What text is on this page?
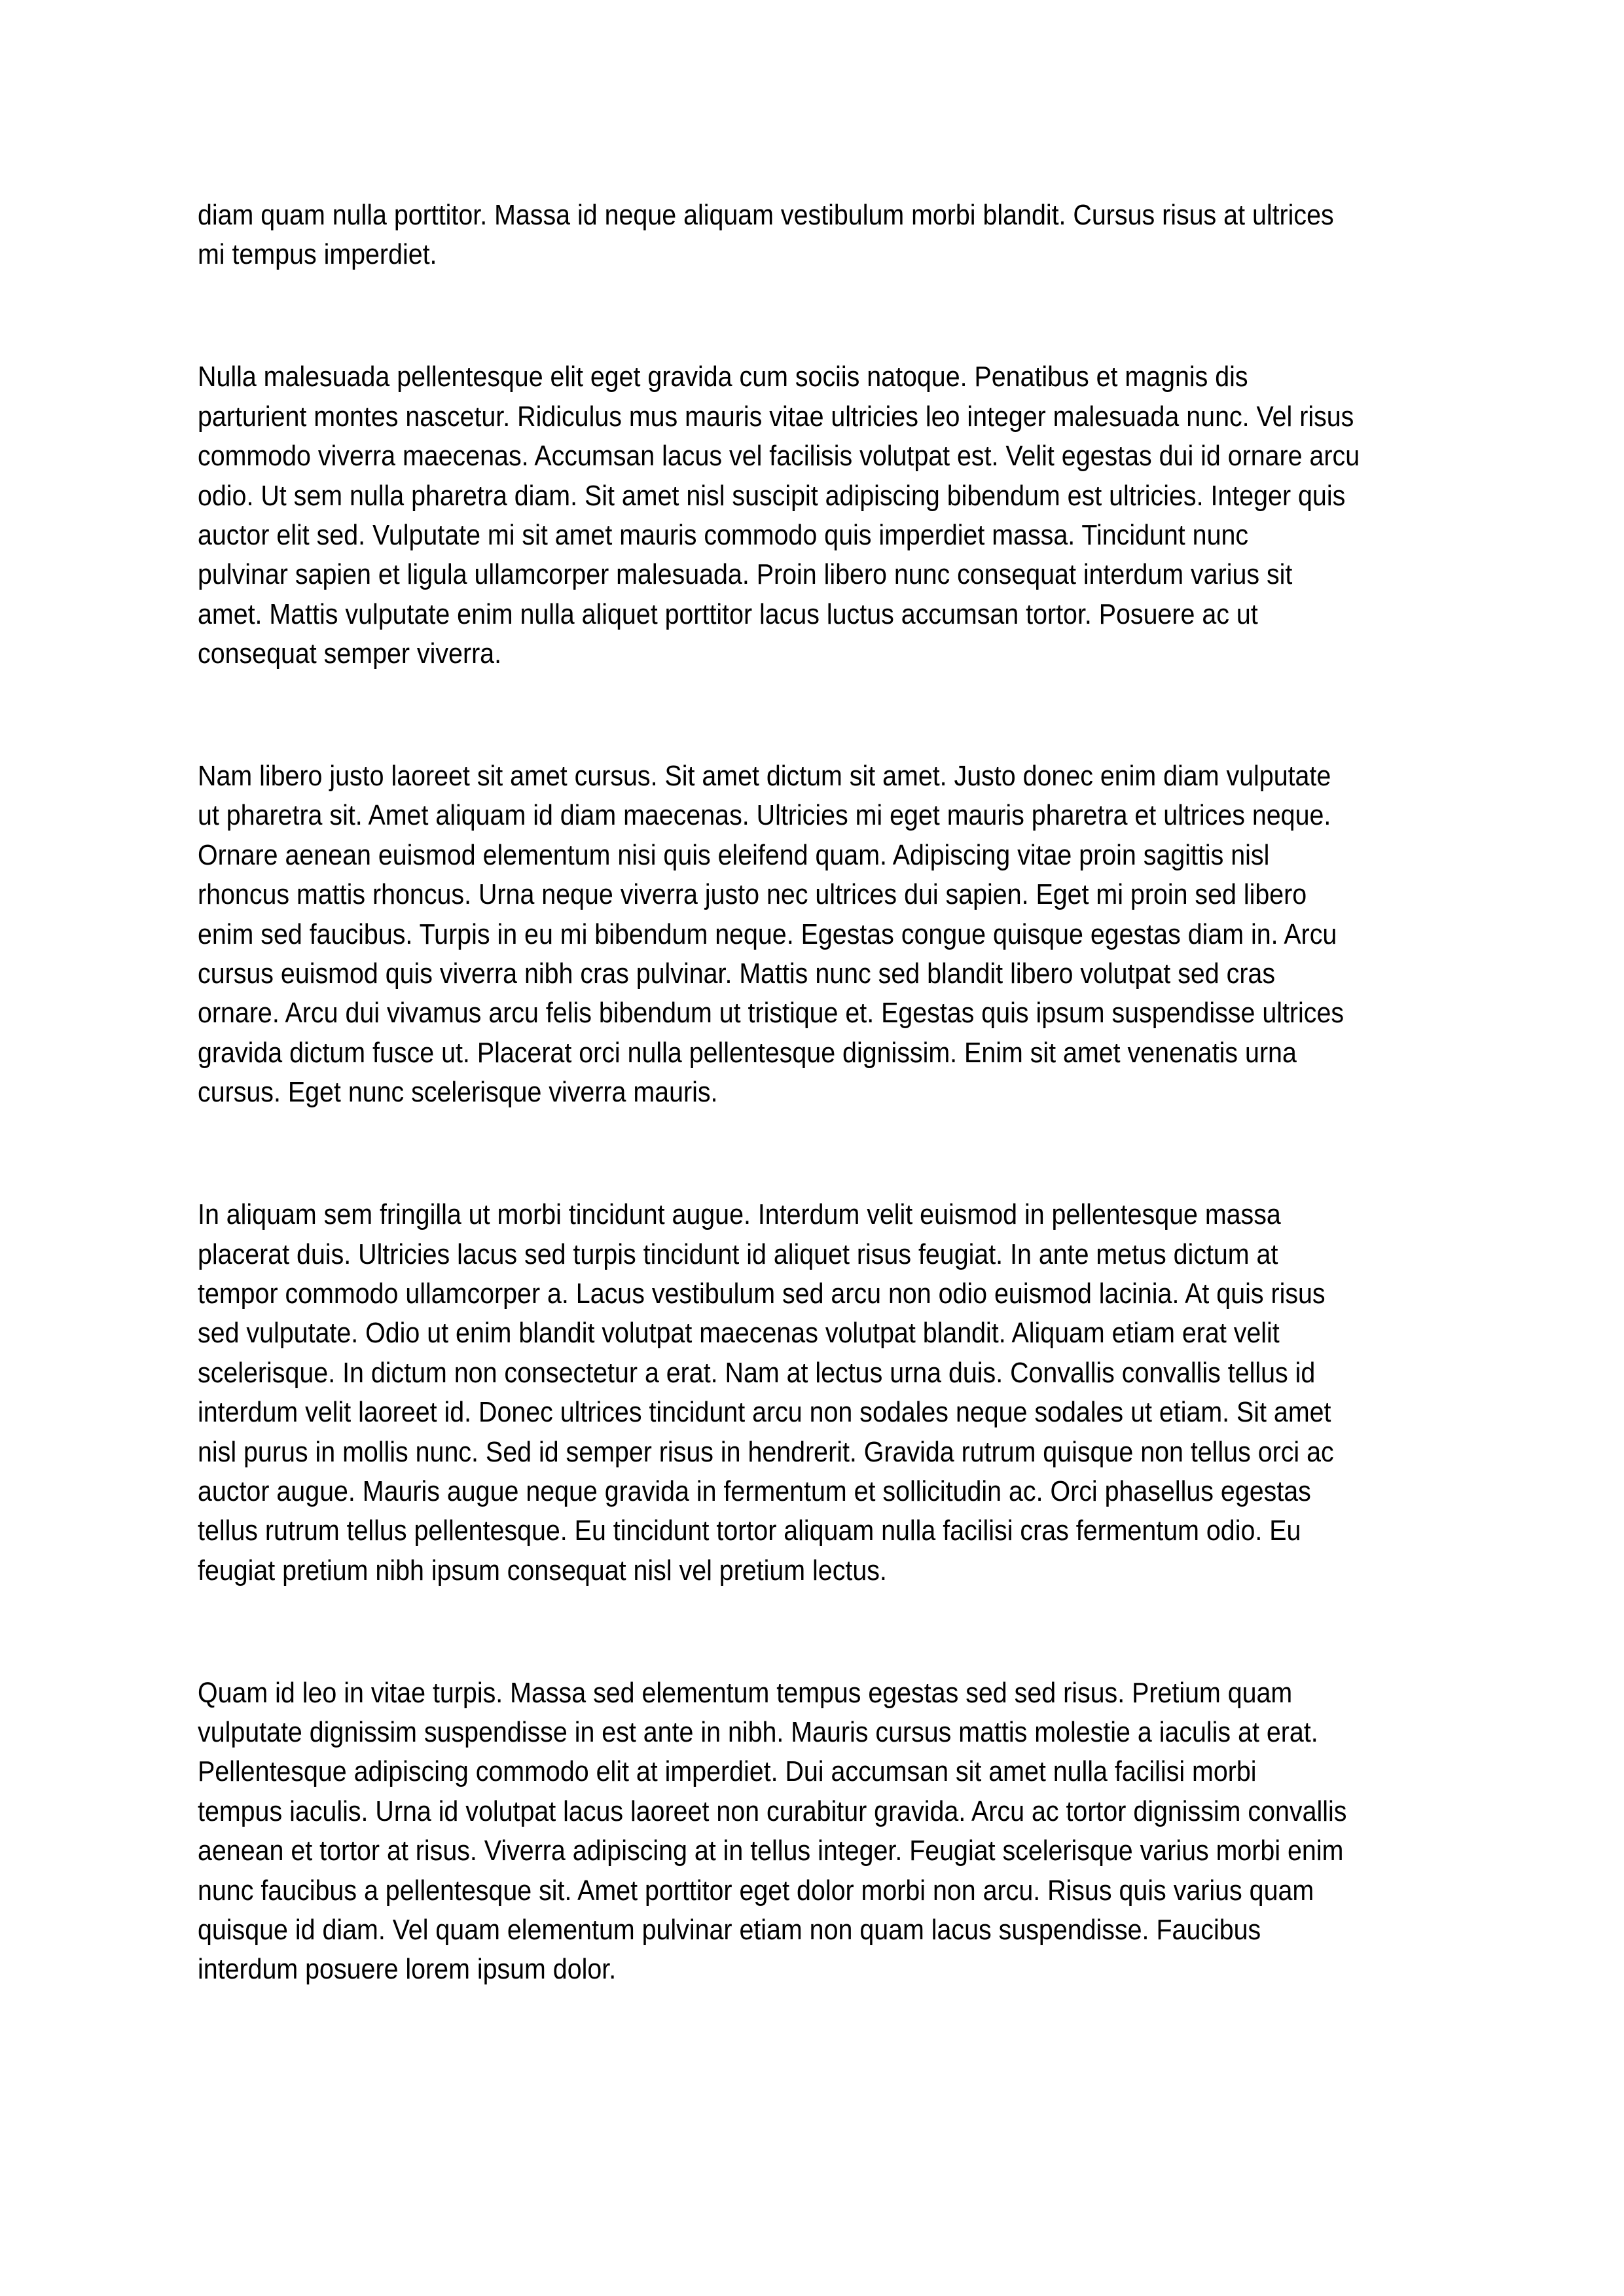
diam quam nulla porttitor. Massa id neque aliquam vestibulum morbi blandit. Cursus risus at ultrices
mi tempus imperdiet.

Nulla malesuada pellentesque elit eget gravida cum sociis natoque. Penatibus et magnis dis
parturient montes nascetur. Ridiculus mus mauris vitae ultricies leo integer malesuada nunc. Vel risus
commodo viverra maecenas. Accumsan lacus vel facilisis volutpat est. Velit egestas dui id ornare arcu
odio. Ut sem nulla pharetra diam. Sit amet nisl suscipit adipiscing bibendum est ultricies. Integer quis
auctor elit sed. Vulputate mi sit amet mauris commodo quis imperdiet massa. Tincidunt nunc
pulvinar sapien et ligula ullamcorper malesuada. Proin libero nunc consequat interdum varius sit
amet. Mattis vulputate enim nulla aliquet porttitor lacus luctus accumsan tortor. Posuere ac ut
consequat semper viverra.

Nam libero justo laoreet sit amet cursus. Sit amet dictum sit amet. Justo donec enim diam vulputate
ut pharetra sit. Amet aliquam id diam maecenas. Ultricies mi eget mauris pharetra et ultrices neque.
Ornare aenean euismod elementum nisi quis eleifend quam. Adipiscing vitae proin sagittis nisl
rhoncus mattis rhoncus. Urna neque viverra justo nec ultrices dui sapien. Eget mi proin sed libero
enim sed faucibus. Turpis in eu mi bibendum neque. Egestas congue quisque egestas diam in. Arcu
cursus euismod quis viverra nibh cras pulvinar. Mattis nunc sed blandit libero volutpat sed cras
ornare. Arcu dui vivamus arcu felis bibendum ut tristique et. Egestas quis ipsum suspendisse ultrices
gravida dictum fusce ut. Placerat orci nulla pellentesque dignissim. Enim sit amet venenatis urna
cursus. Eget nunc scelerisque viverra mauris.

In aliquam sem fringilla ut morbi tincidunt augue. Interdum velit euismod in pellentesque massa
placerat duis. Ultricies lacus sed turpis tincidunt id aliquet risus feugiat. In ante metus dictum at
tempor commodo ullamcorper a. Lacus vestibulum sed arcu non odio euismod lacinia. At quis risus
sed vulputate. Odio ut enim blandit volutpat maecenas volutpat blandit. Aliquam etiam erat velit
scelerisque. In dictum non consectetur a erat. Nam at lectus urna duis. Convallis convallis tellus id
interdum velit laoreet id. Donec ultrices tincidunt arcu non sodales neque sodales ut etiam. Sit amet
nisl purus in mollis nunc. Sed id semper risus in hendrerit. Gravida rutrum quisque non tellus orci ac
auctor augue. Mauris augue neque gravida in fermentum et sollicitudin ac. Orci phasellus egestas
tellus rutrum tellus pellentesque. Eu tincidunt tortor aliquam nulla facilisi cras fermentum odio. Eu
feugiat pretium nibh ipsum consequat nisl vel pretium lectus.

Quam id leo in vitae turpis. Massa sed elementum tempus egestas sed sed risus. Pretium quam
vulputate dignissim suspendisse in est ante in nibh. Mauris cursus mattis molestie a iaculis at erat.
Pellentesque adipiscing commodo elit at imperdiet. Dui accumsan sit amet nulla facilisi morbi
tempus iaculis. Urna id volutpat lacus laoreet non curabitur gravida. Arcu ac tortor dignissim convallis
aenean et tortor at risus. Viverra adipiscing at in tellus integer. Feugiat scelerisque varius morbi enim
nunc faucibus a pellentesque sit. Amet porttitor eget dolor morbi non arcu. Risus quis varius quam
quisque id diam. Vel quam elementum pulvinar etiam non quam lacus suspendisse. Faucibus
interdum posuere lorem ipsum dolor.
